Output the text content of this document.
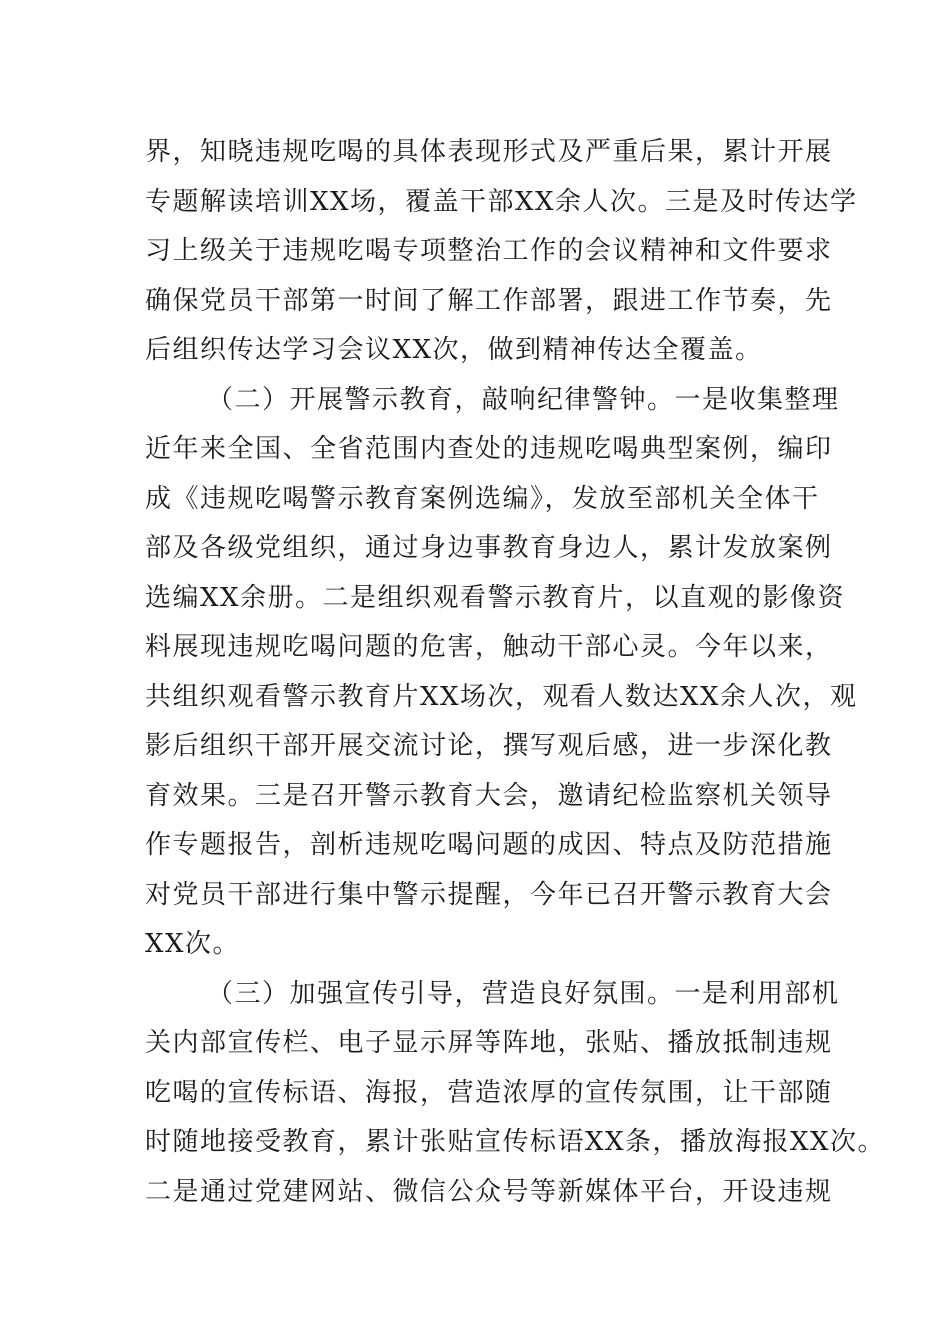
界，知晓违规吃喝的具体表现形式及严重后果，累计开展
专题解读培训XX场，覆盖干部XX余人次。三是及时传达学
习上级关于违规吃喝专项整治工作的会议精神和文件要求
确保党员干部第一时间了解工作部署，跟进工作节奏，先
后组织传达学习会议XX次，做到精神传达全覆盖。
（二）开展警示教育，敲响纪律警钟。一是收集整理
近年来全国、全省范围内查处的违规吃喝典型案例，编印
成《违规吃喝警示教育案例选编》，发放至部机关全体干
部及各级党组织，通过身边事教育身边人，累计发放案例
选编XX余册。二是组织观看警示教育片，以直观的影像资
料展现违规吃喝问题的危害，触动干部心灵。今年以来，
共组织观看警示教育片XX场次，观看人数达XX余人次，观
影后组织干部开展交流讨论，撰写观后感，进一步深化教
育效果。三是召开警示教育大会，邀请纪检监察机关领导
作专题报告，剖析违规吃喝问题的成因、特点及防范措施
对党员干部进行集中警示提醒，今年已召开警示教育大会
XX次。
（三）加强宣传引导，营造良好氛围。一是利用部机
关内部宣传栏、电子显示屏等阵地，张贴、播放抵制违规
吃喝的宣传标语、海报，营造浓厚的宣传氛围，让干部随
时随地接受教育，累计张贴宣传标语XX条，播放海报XX次。
二是通过党建网站、微信公众号等新媒体平台，开设违规
